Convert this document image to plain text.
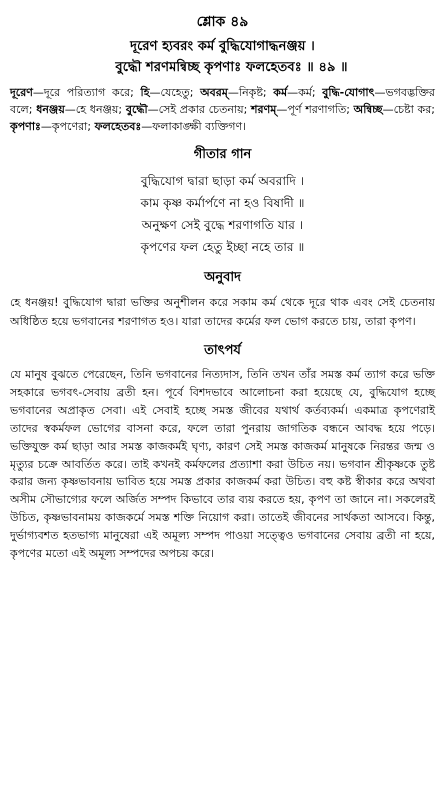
শ্লোক ৪৯
দূরেণ হ্যবরং কর্ম বুদ্ধিযোগাদ্ধনঞ্জয় ।
বুদ্ধৌ শরণমন্বিচ্ছ কৃপণাঃ ফলহেতবঃ ॥ ৪৯ ॥
দূরেণ—দূরে পরিত্যাগ করে; হি—যেহেতু; অবরম্—নিকৃষ্ট; কর্ম—কর্ম; বুদ্ধি-যোগাৎ—ভগবদ্ভক্তির বলে; ধনঞ্জয়—হে ধনঞ্জয়; বুদ্ধৌ—সেই প্রকার চেতনায়; শরণম্—পূর্ণ শরণাগতি; অন্বিচ্ছ—চেষ্টা কর; কৃপণাঃ—কৃপণেরা; ফলহেতবঃ—ফলাকাঙ্ক্ষী ব্যক্তিগণ।
গীতার গান
বুদ্ধিযোগ দ্বারা ছাড়া কর্ম অবরাদি ।
কাম কৃষ্ণ কর্মার্পণে না হও বিষাদী ॥
অনুক্ষণ সেই বুদ্ধে শরণাগতি যার ।
কৃপণের ফল হেতু ইচ্ছা নহে তার ॥
অনুবাদ
হে ধনঞ্জয়! বুদ্ধিযোগ দ্বারা ভক্তির অনুশীলন করে সকাম কর্ম থেকে দূরে থাক এবং সেই চেতনায় অধিষ্ঠিত হয়ে ভগবানের শরণাগত হও। যারা তাদের কর্মের ফল ভোগ করতে চায়, তারা কৃপণ।
তাৎপর্য
যে মানুষ বুঝতে পেরেছেন, তিনি ভগবানের নিত্যদাস, তিনি তখন তাঁর সমস্ত কর্ম ত্যাগ করে ভক্তি সহকারে ভগবৎ-সেবায় ব্রতী হন। পূর্বে বিশদভাবে আলোচনা করা হয়েছে যে, বুদ্ধিযোগ হচ্ছে ভগবানের অপ্রাকৃত সেবা। এই সেবাই হচ্ছে সমস্ত জীবের যথার্থ কর্তব্যকর্ম। একমাত্র কৃপণেরাই তাদের স্বকর্মফল ভোগের বাসনা করে, ফলে তারা পুনরায় জাগতিক বন্ধনে আবদ্ধ হয়ে পড়ে। ভক্তিযুক্ত কর্ম ছাড়া আর সমস্ত কাজকর্মই ঘৃণ্য, কারণ সেই সমস্ত কাজকর্ম মানুষকে নিরন্তর জন্ম ও মৃত্যুর চক্রে আবর্তিত করে। তাই কখনই কর্মফলের প্রত্যাশা করা উচিত নয়। ভগবান শ্রীকৃষ্ণকে তুষ্ট করার জন্য কৃষ্ণভাবনায় ভাবিত হয়ে সমস্ত প্রকার কাজকর্ম করা উচিত। বহু কষ্ট স্বীকার করে অথবা অসীম সৌভাগ্যের ফলে অর্জিত সম্পদ কিভাবে তার ব্যয় করতে হয়, কৃপণ তা জানে না। সকলেরই উচিত, কৃষ্ণভাবনাময় কাজকর্মে সমস্ত শক্তি নিয়োগ করা। তাতেই জীবনের সার্থকতা আসবে। কিন্তু, দুর্ভাগ্যবশত হতভাগ্য মানুষেরা এই অমূল্য সম্পদ পাওয়া সত্ত্বেও ভগবানের সেবায় ব্রতী না হয়ে, কৃপণের মতো এই অমূল্য সম্পদের অপচয় করে।
